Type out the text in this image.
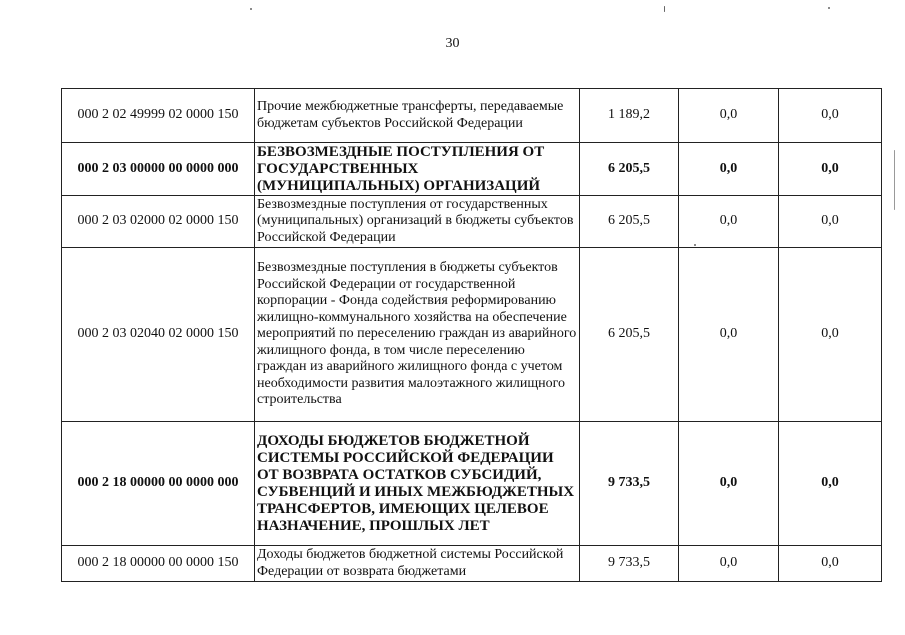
30
000 2 02 49999 02 0000 150	Прочие межбюджетные трансферты, передаваемые бюджетам субъектов Российской Федерации	1 189,2	0,0	0,0
000 2 03 00000 00 0000 000	БЕЗВОЗМЕЗДНЫЕ ПОСТУПЛЕНИЯ ОТ ГОСУДАРСТВЕННЫХ (МУНИЦИПАЛЬНЫХ) ОРГАНИЗАЦИЙ	6 205,5	0,0	0,0
000 2 03 02000 02 0000 150	Безвозмездные поступления от государственных (муниципальных) организаций в бюджеты субъектов Российской Федерации	6 205,5	0,0	0,0
000 2 03 02040 02 0000 150	Безвозмездные поступления в бюджеты субъектов Российской Федерации от государственной корпорации - Фонда содействия реформированию жилищно-коммунального хозяйства на обеспечение мероприятий по переселению граждан из аварийного жилищного фонда, в том числе переселению граждан из аварийного жилищного фонда с учетом необходимости развития малоэтажного жилищного строительства	6 205,5	0,0	0,0
000 2 18 00000 00 0000 000	ДОХОДЫ БЮДЖЕТОВ БЮДЖЕТНОЙ СИСТЕМЫ РОССИЙСКОЙ ФЕДЕРАЦИИ ОТ ВОЗВРАТА ОСТАТКОВ СУБСИДИЙ, СУБВЕНЦИЙ И ИНЫХ МЕЖБЮДЖЕТНЫХ ТРАНСФЕРТОВ, ИМЕЮЩИХ ЦЕЛЕВОЕ НАЗНАЧЕНИЕ, ПРОШЛЫХ ЛЕТ	9 733,5	0,0	0,0
000 2 18 00000 00 0000 150	Доходы бюджетов бюджетной системы Российской Федерации от возврата бюджетами	9 733,5	0,0	0,0
